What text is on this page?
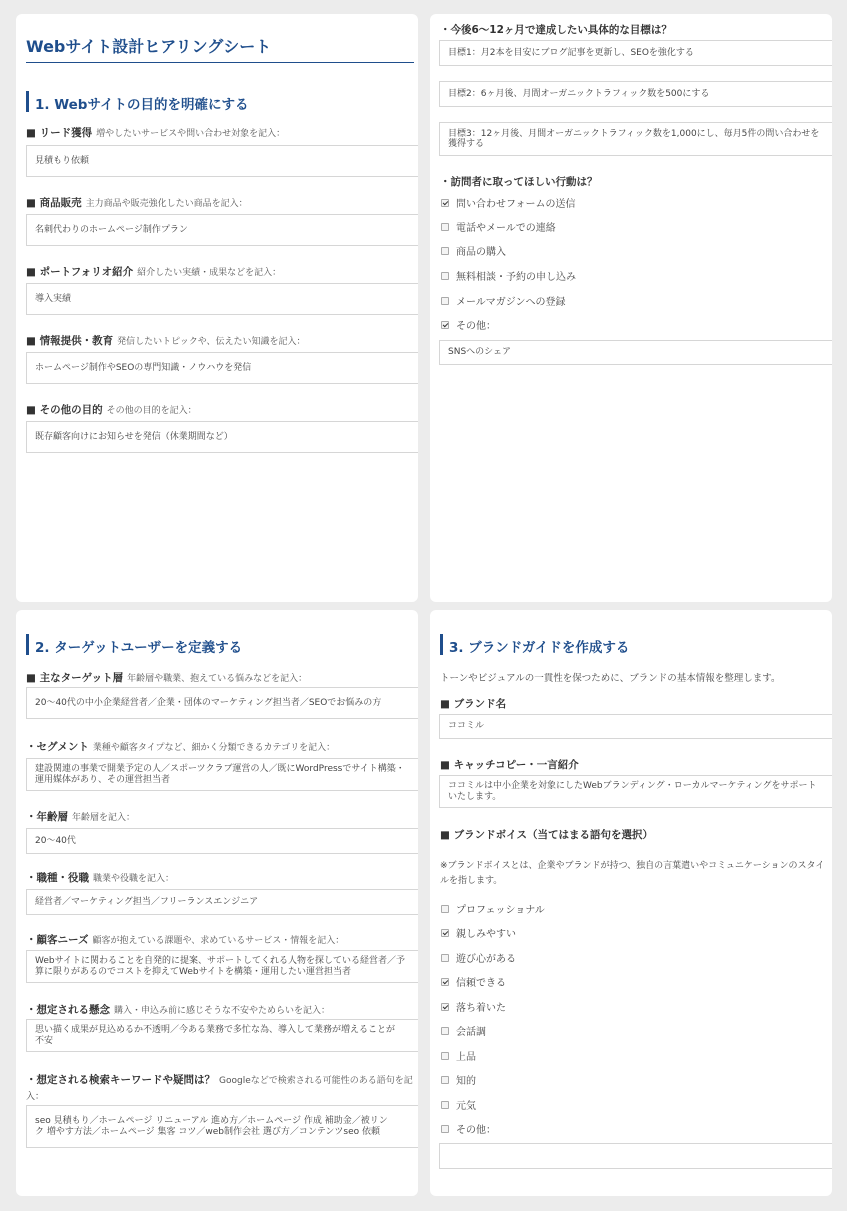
Webサイト設計ヒアリングシート
1. Webサイトの目的を明確にする
■ リード獲得 増やしたいサービスや問い合わせ対象を記入：
見積もり依頼
■ 商品販売 主力商品や販売強化したい商品を記入：
名刺代わりのホームページ制作プラン
■ ポートフォリオ紹介 紹介したい実績・成果などを記入：
導入実績
■ 情報提供・教育 発信したいトピックや、伝えたい知識を記入：
ホームページ制作やSEOの専門知識・ノウハウを発信
■ その他の目的 その他の目的を記入：
既存顧客向けにお知らせを発信（休業期間など）
・今後6〜12ヶ月で達成したい具体的な目標は？
目標1：月2本を目安にブログ記事を更新し、SEOを強化する
目標2：6ヶ月後、月間オーガニックトラフィック数を500にする
目標3：12ヶ月後、月間オーガニックトラフィック数を1,000にし、毎月5件の問い合わせを
獲得する
・訪問者に取ってほしい行動は？
問い合わせフォームの送信
電話やメールでの連絡
商品の購入
無料相談・予約の申し込み
メールマガジンへの登録
その他：
SNSへのシェア
2. ターゲットユーザーを定義する
■ 主なターゲット層 年齢層や職業、抱えている悩みなどを記入：
20〜40代の中小企業経営者／企業・団体のマーケティング担当者／SEOでお悩みの方
・セグメント 業種や顧客タイプなど、細かく分類できるカテゴリを記入：
建設関連の事業で開業予定の人／スポーツクラブ運営の人／既にWordPressでサイト構築・
運用媒体があり、その運営担当者
・年齢層 年齢層を記入：
20〜40代
・職種・役職 職業や役職を記入：
経営者／マーケティング担当／フリーランスエンジニア
・顧客ニーズ 顧客が抱えている課題や、求めているサービス・情報を記入：
Webサイトに関わることを自発的に提案、サポートしてくれる人物を探している経営者／予
算に限りがあるのでコストを抑えてWebサイトを構築・運用したい運営担当者
・想定される懸念 購入・申込み前に感じそうな不安やためらいを記入：
思い描く成果が見込めるか不透明／今ある業務で多忙な為、導入して業務が増えることが
不安
・想定される検索キーワードや疑問は？ Googleなどで検索される可能性のある語句を記
入：
seo 見積もり／ホームページ リニューアル 進め方／ホームページ 作成 補助金／被リン
ク 増やす方法／ホームページ 集客 コツ／web制作会社 選び方／コンテンツseo 依頼
3. ブランドガイドを作成する
トーンやビジュアルの一貫性を保つために、ブランドの基本情報を整理します。
■ ブランド名
ココミル
■ キャッチコピー・一言紹介
ココミルは中小企業を対象にしたWebブランディング・ローカルマーケティングをサポート
いたします。
■ ブランドボイス（当てはまる語句を選択）
※ブランドボイスとは、企業やブランドが持つ、独自の言葉遣いやコミュニケーションのスタイ
ルを指します。
プロフェッショナル
親しみやすい
遊び心がある
信頼できる
落ち着いた
会話調
上品
知的
元気
その他：
